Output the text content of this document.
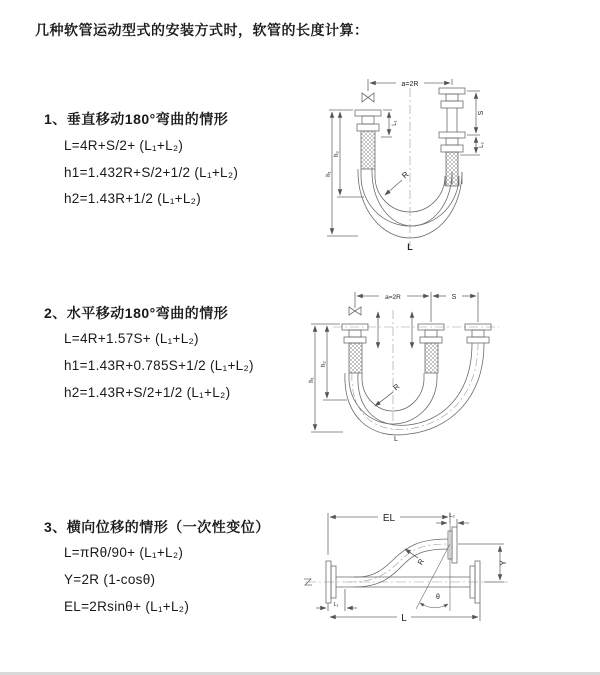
几种软管运动型式的安装方式时，软管的长度计算：
1、垂直移动180°弯曲的情形
L=4R+S/2+ (L₁+L₂)
h1=1.432R+S/2+1/2 (L₁+L₂)
h2=1.43R+1/2 (L₁+L₂)
2、水平移动180°弯曲的情形
L=4R+1.57S+ (L₁+L₂)
h1=1.43R+0.785S+1/2 (L₁+L₂)
h2=1.43R+S/2+1/2 (L₁+L₂)
3、横向位移的情形（一次性变位）
L=πRθ/90+ (L₁+L₂)
Y=2R (1-cosθ)
EL=2Rsinθ+ (L₁+L₂)
a=2R
S
L₂
L₁
h₂
h₁	R
L
a=2R	S
h₂
h₁
R
L
EL	L₂
Y
R
θ
L₁
L
